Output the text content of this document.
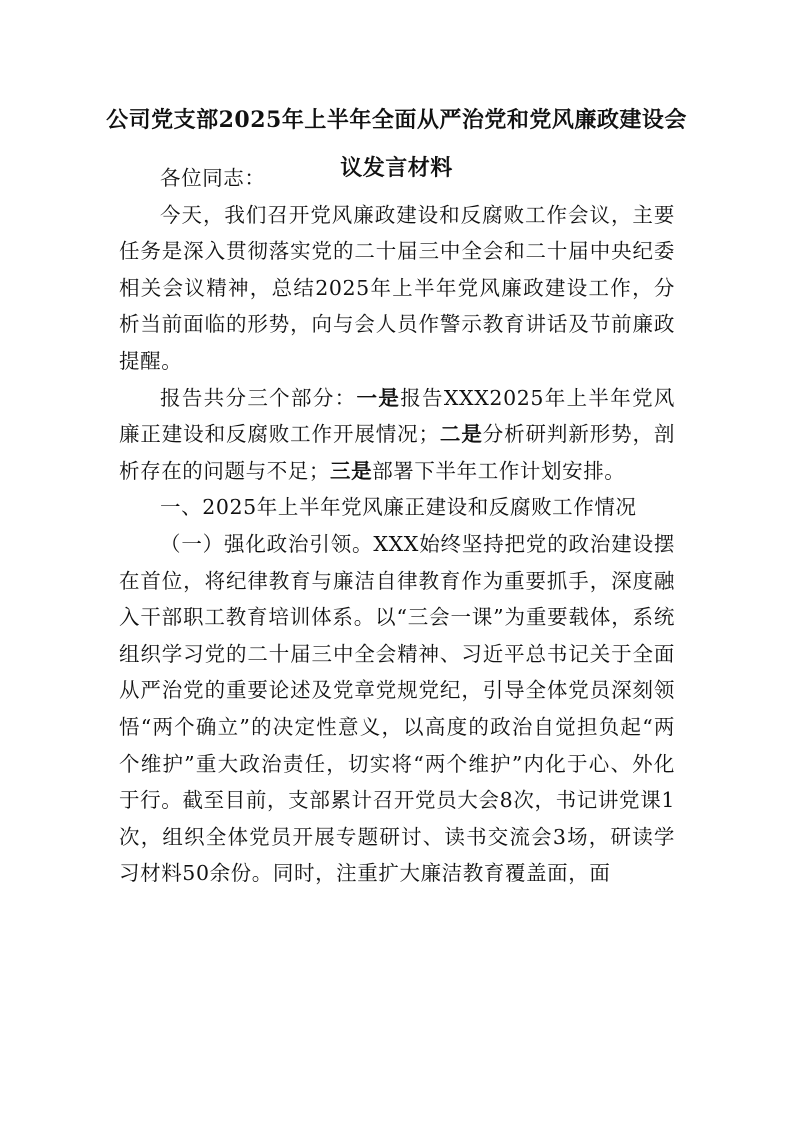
公司党支部2025年上半年全面从严治党和党风廉政建设会议发言材料

各位同志：

今天，我们召开党风廉政建设和反腐败工作会议，主要任务是深入贯彻落实党的二十届三中全会和二十届中央纪委相关会议精神，总结2025年上半年党风廉政建设工作，分析当前面临的形势，向与会人员作警示教育讲话及节前廉政提醒。

报告共分三个部分：一是报告XXX2025年上半年党风廉正建设和反腐败工作开展情况；二是分析研判新形势，剖析存在的问题与不足；三是部署下半年工作计划安排。

一、2025年上半年党风廉正建设和反腐败工作情况

（一）强化政治引领。XXX始终坚持把党的政治建设摆在首位，将纪律教育与廉洁自律教育作为重要抓手，深度融入干部职工教育培训体系。以“三会一课”为重要载体，系统组织学习党的二十届三中全会精神、习近平总书记关于全面从严治党的重要论述及党章党规党纪，引导全体党员深刻领悟“两个确立”的决定性意义，以高度的政治自觉担负起“两个维护”重大政治责任，切实将“两个维护”内化于心、外化于行。截至目前，支部累计召开党员大会8次，书记讲党课1次，组织全体党员开展专题研讨、读书交流会3场，研读学习材料50余份。同时，注重扩大廉洁教育覆盖面，面
